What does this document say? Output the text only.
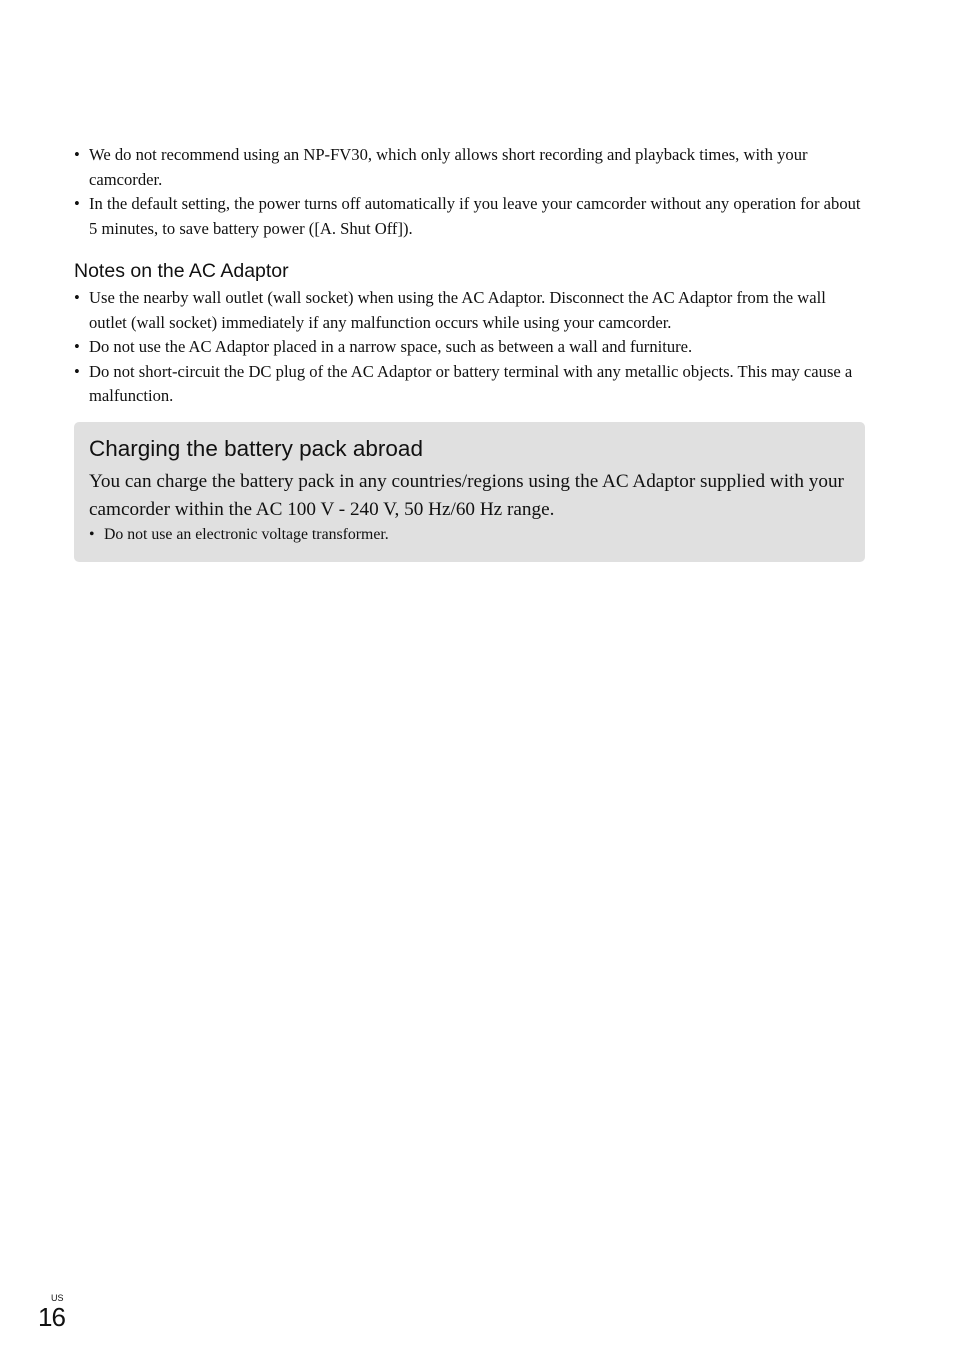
• We do not recommend using an NP-FV30, which only allows short recording and playback times, with your camcorder.
• In the default setting, the power turns off automatically if you leave your camcorder without any operation for about 5 minutes, to save battery power ([A. Shut Off]).
Notes on the AC Adaptor
• Use the nearby wall outlet (wall socket) when using the AC Adaptor. Disconnect the AC Adaptor from the wall outlet (wall socket) immediately if any malfunction occurs while using your camcorder.
• Do not use the AC Adaptor placed in a narrow space, such as between a wall and furniture.
• Do not short-circuit the DC plug of the AC Adaptor or battery terminal with any metallic objects. This may cause a malfunction.
Charging the battery pack abroad

You can charge the battery pack in any countries/regions using the AC Adaptor supplied with your camcorder within the AC 100 V - 240 V, 50 Hz/60 Hz range.

• Do not use an electronic voltage transformer.
US
16
